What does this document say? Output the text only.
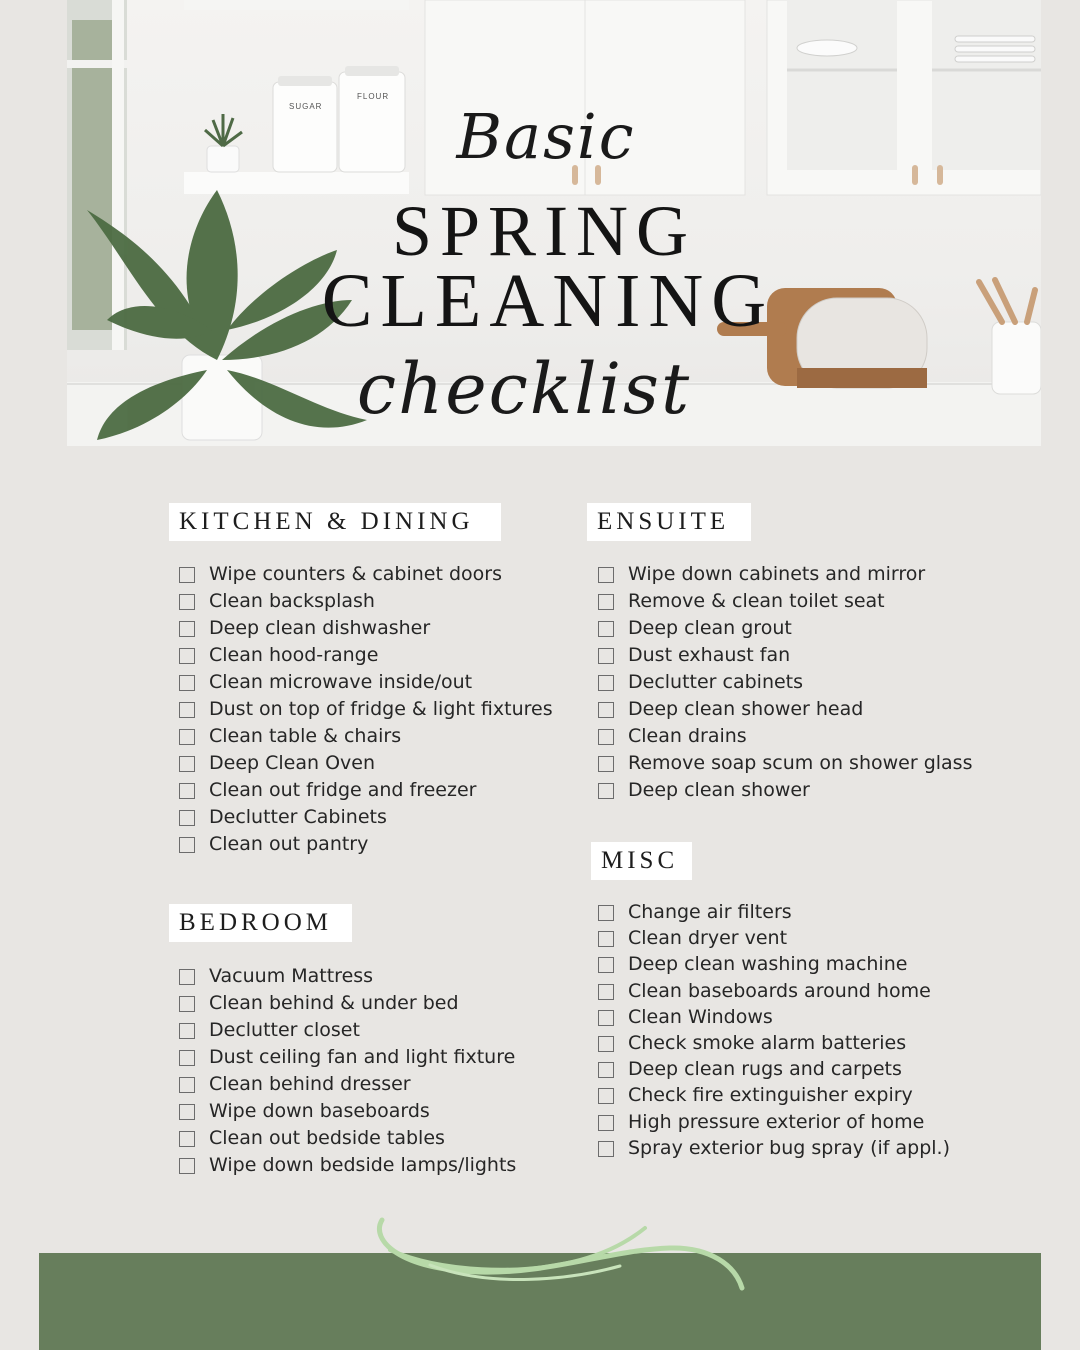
SUGAR
FLOUR
Basic
SPRING
CLEANING
checklist
KITCHEN & DINING
Wipe counters & cabinet doors
Clean backsplash
Deep clean dishwasher
Clean hood-range
Clean microwave inside/out
Dust on top of fridge & light fixtures
Clean table & chairs
Deep Clean Oven
Clean out fridge and freezer
Declutter Cabinets
Clean out pantry
ENSUITE
Wipe down cabinets and mirror
Remove & clean toilet seat
Deep clean grout
Dust exhaust fan
Declutter cabinets
Deep clean shower head
Clean drains
Remove soap scum on shower glass
Deep clean shower
BEDROOM
Vacuum Mattress
Clean behind & under bed
Declutter closet
Dust ceiling fan and light fixture
Clean behind dresser
Wipe down baseboards
Clean out bedside tables
Wipe down bedside lamps/lights
MISC
Change air filters
Clean dryer vent
Deep clean washing machine
Clean baseboards around home
Clean Windows
Check smoke alarm batteries
Deep clean rugs and carpets
Check fire extinguisher expiry
High pressure exterior of home
Spray exterior bug spray (if appl.)
